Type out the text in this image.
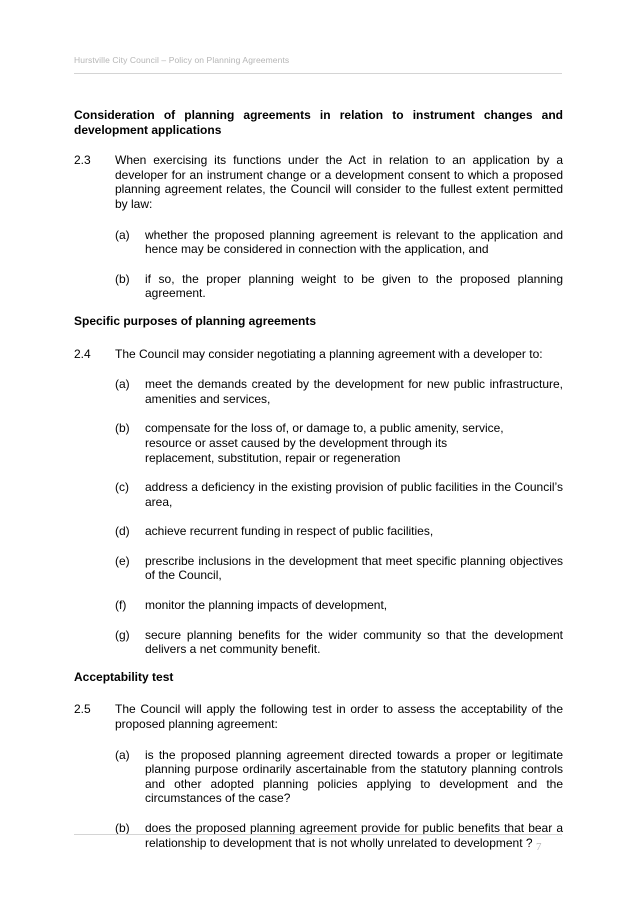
Hurstville City Council – Policy on Planning Agreements
Consideration of planning agreements in relation to instrument changes and development applications
2.3	When exercising its functions under the Act in relation to an application by a developer for an instrument change or a development consent to which a proposed planning agreement relates, the Council will consider to the fullest extent permitted by law:
(a)	whether the proposed planning agreement is relevant to the application and hence may be considered in connection with the application, and
(b)	if so, the proper planning weight to be given to the proposed planning agreement.
Specific purposes of planning agreements
2.4	The Council may consider negotiating a planning agreement with a developer to:
(a)	meet the demands created by the development for new public infrastructure, amenities and services,
(b)	compensate for the loss of, or damage to, a public amenity, service,
resource or asset caused by the development through its
replacement, substitution, repair or regeneration
(c)	address a deficiency in the existing provision of public facilities in the Council’s area,
(d)	achieve recurrent funding in respect of public facilities,
(e)	prescribe inclusions in the development that meet specific planning objectives of the Council,
(f)	monitor the planning impacts of development,
(g)	secure planning benefits for the wider community so that the development delivers a net community benefit.
Acceptability test
2.5	The Council will apply the following test in order to assess the acceptability of the proposed planning agreement:
(a)	is the proposed planning agreement directed towards a proper or legitimate planning purpose ordinarily ascertainable from the statutory planning controls and other adopted planning policies applying to development and the circumstances of the case?
(b)	does the proposed planning agreement provide for public benefits that bear a relationship to development that is not wholly unrelated to development ? 7
